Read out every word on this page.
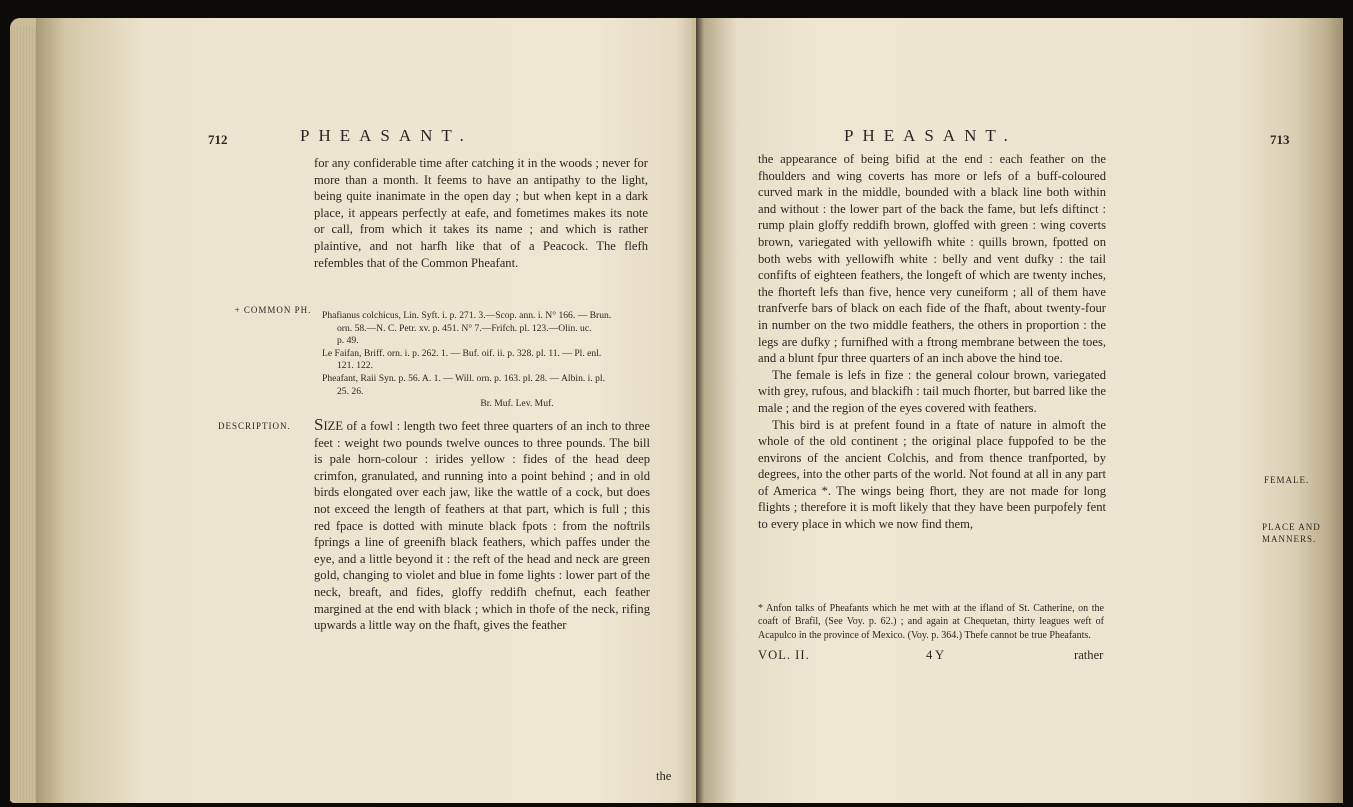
712	PHEASANT.

for any confiderable time after catching it in the woods ; never for more than a month. It feems to have an antipathy to the light, being quite inanimate in the open day ; but when kept in a dark place, it appears perfectly at eafe, and fometimes makes its note or call, from which it takes its name ; and which is rather plaintive, and not harfh like that of a Peacock. The flefh refembles that of the Common Pheafant.

+ COMMON PH.	Phafianus colchicus, Lin. Syft. i. p. 271. 3.—Scop. ann. i. N° 166. — Brun.

orn. 58.—N. C. Petr. xv. p. 451. N° 7.—Frifch. pl. 123.—Olin. uc.

p. 49.

Le Faifan, Briff. orn. i. p. 262. 1. — Buf. oif. ii. p. 328. pl. 11. — Pl. enl.

121. 122.

Pheafant, Raii Syn. p. 56. A. 1. — Will. orn. p. 163. pl. 28. — Albin. i. pl.

25. 26.

Br. Muf. Lev. Muf.

DESCRIPTION. SIZE of a fowl : length two feet three quarters of an inch to three feet : weight two pounds twelve ounces to three pounds. The bill is pale horn-colour : irides yellow : fides of the head deep crimfon, granulated, and running into a point behind ; and in old birds elongated over each jaw, like the wattle of a cock, but does not exceed the length of feathers at that part, which is full ; this red fpace is dotted with minute black fpots : from the noftrils fprings a line of greenifh black feathers, which paffes under the eye, and a little beyond it : the reft of the head and neck are green gold, changing to violet and blue in fome lights : lower part of the neck, breaft, and fides, gloffy reddifh chefnut, each feather margined at the end with black ; which in thofe of the neck, rifing upwards a little way on the fhaft, gives the feather

the
PHEASANT.	713

the appearance of being bifid at the end : each feather on the fhoulders and wing coverts has more or lefs of a buff-coloured curved mark in the middle, bounded with a black line both within and without : the lower part of the back the fame, but lefs diftinct : rump plain gloffy reddifh brown, gloffed with green : wing coverts brown, variegated with yellowifh white : quills brown, fpotted on both webs with yellowifh white : belly and vent dufky : the tail confifts of eighteen feathers, the longeft of which are twenty inches, the fhorteft lefs than five, hence very cuneiform ; all of them have tranfverfe bars of black on each fide of the fhaft, about twenty-four in number on the two middle feathers, the others in proportion : the legs are dufky ; furnifhed with a ftrong membrane between the toes, and a blunt fpur three quarters of an inch above the hind toe.

The female is lefs in fize : the general colour brown, variegated with grey, rufous, and blackifh : tail much fhorter, but barred like the male ; and the region of the eyes covered with feathers.

This bird is at prefent found in a ftate of nature in almoft the whole of the old continent ; the original place fuppofed to be the environs of the ancient Colchis, and from thence tranfported, by degrees, into the other parts of the world. Not found at all in any part of America *. The wings being fhort, they are not made for long flights ; therefore it is moft likely that they have been purpofely fent to every place in which we now find them,

FEMALE.
PLACE AND
MANNERS.
* Anfon talks of Pheafants which he met with at the ifland of St. Catherine, on the coaft of Brafil, (See Voy. p. 62.) ; and again at Chequetan, thirty leagues weft of Acapulco in the province of Mexico. (Voy. p. 364.) Thefe cannot be true Pheafants.
VOL. II.	4 Y	rather
